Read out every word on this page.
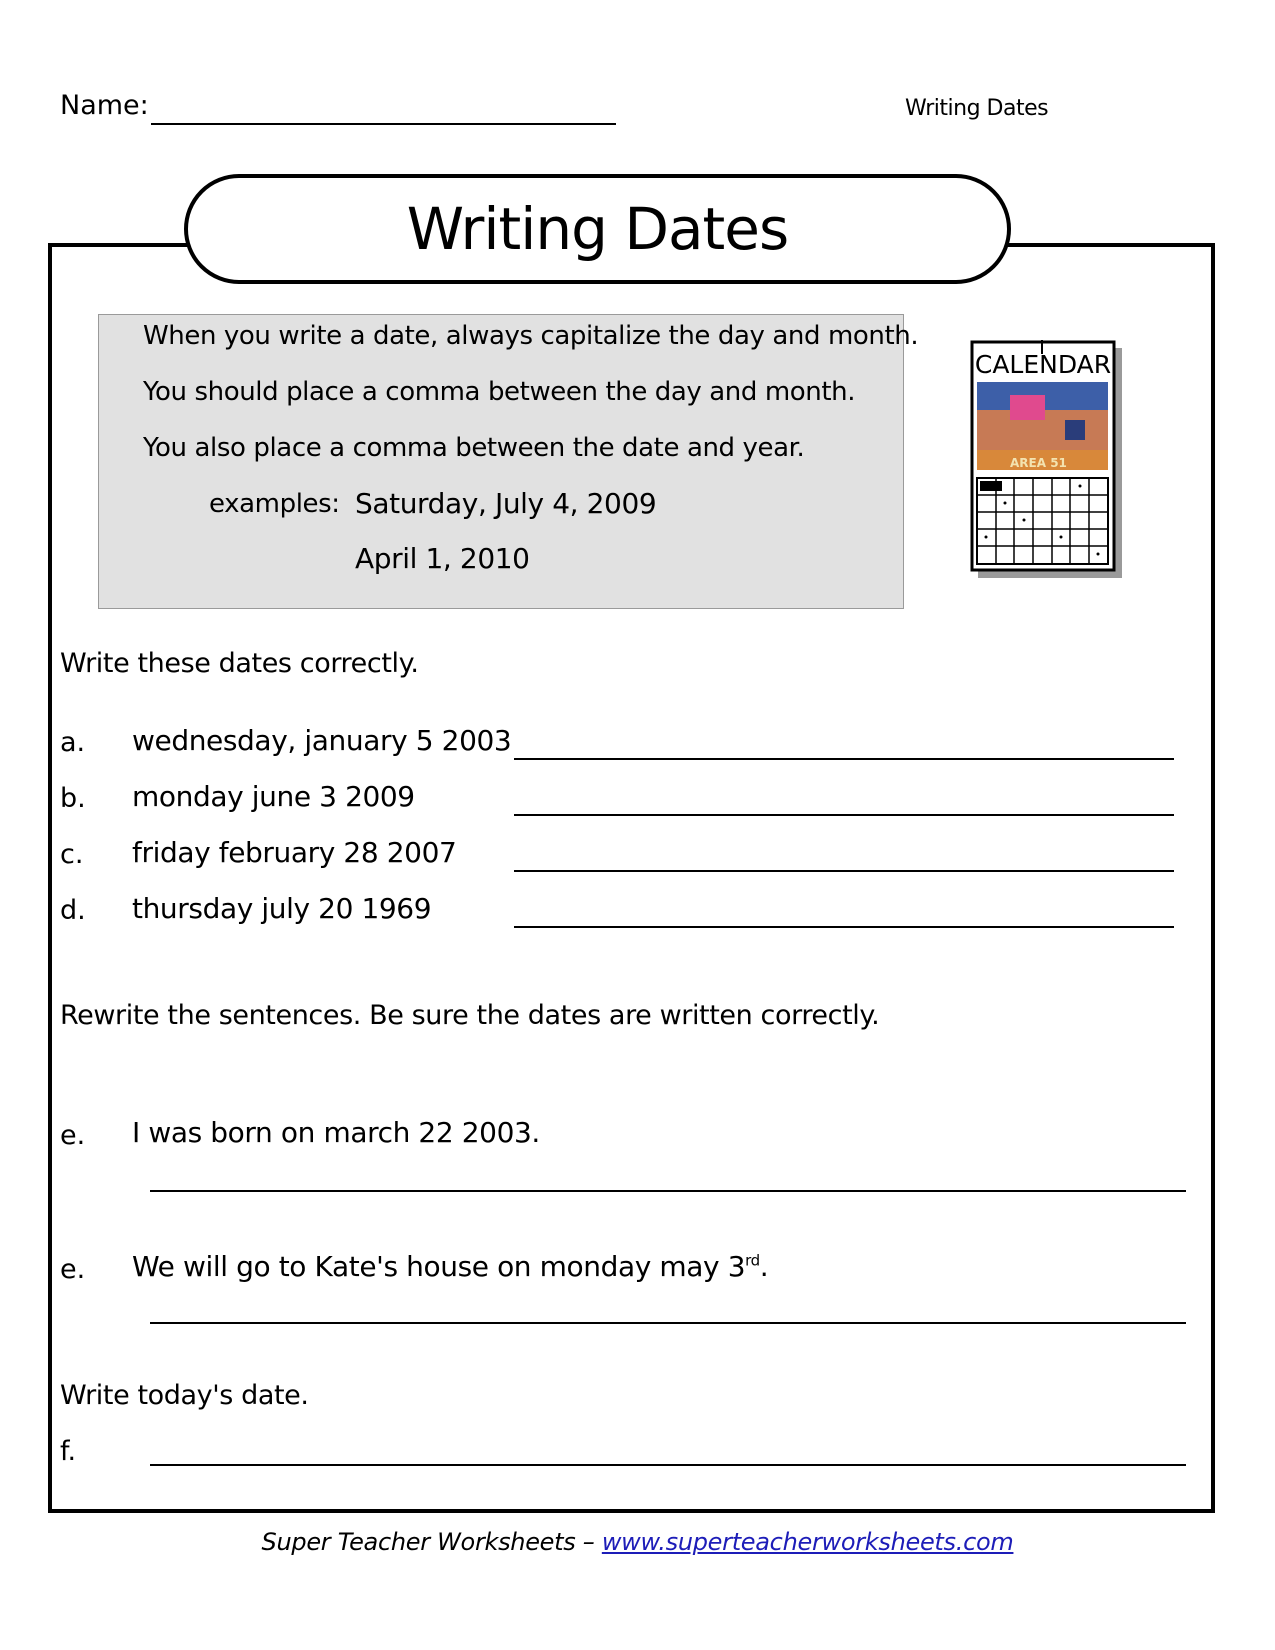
Name:	Writing Dates
Writing Dates
When you write a date, always capitalize the day and month.
You should place a comma between the day and month.
You also place a comma between the date and year.
examples: Saturday, July 4, 2009
April 1, 2010
CALENDAR
AREA 51
Write these dates correctly.
a. wednesday, january 5 2003
b. monday june 3 2009
c. friday february 28 2007
d. thursday july 20 1969
Rewrite the sentences. Be sure the dates are written correctly.
e. I was born on march 22 2003.
e. We will go to Kate's house on monday may 3rd.
Write today's date.
f.
Super Teacher Worksheets – www.superteacherworksheets.com
